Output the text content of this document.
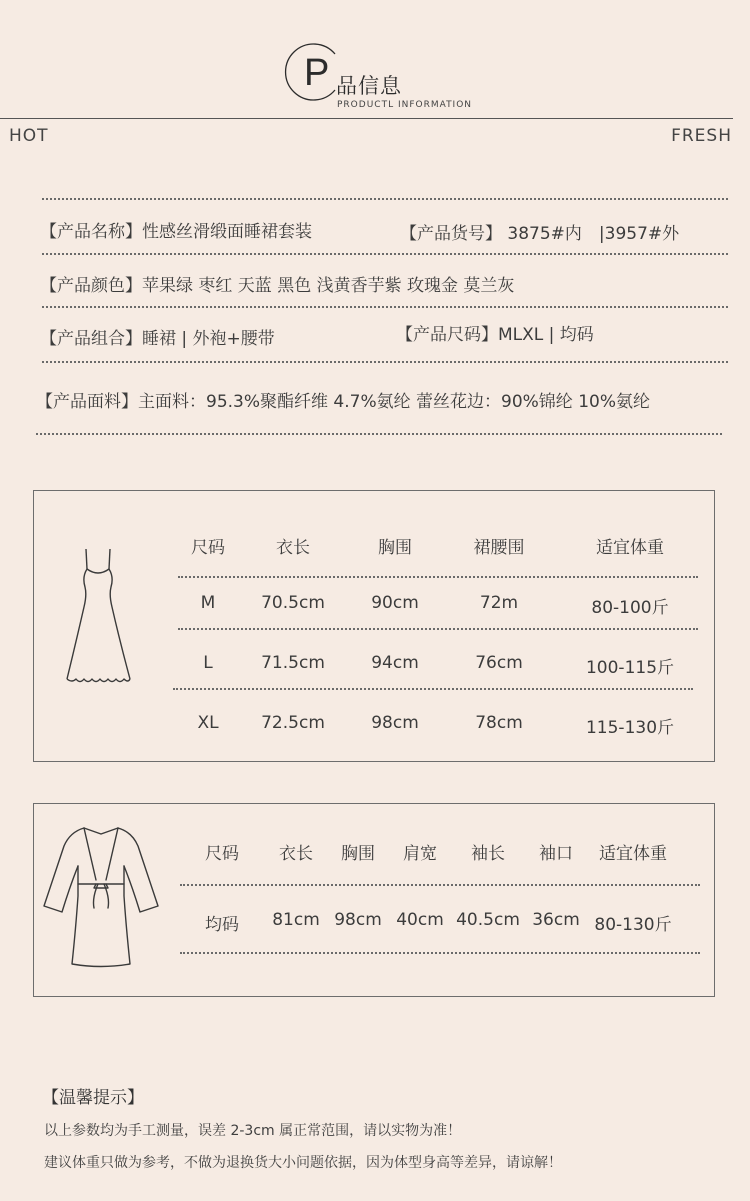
P 品信息
PRODUCTL INFORMATION
HOT	FRESH
【产品名称】性感丝滑缎面睡裙套装	【产品货号】 3875#内　|3957#外
【产品颜色】苹果绿 枣红 天蓝 黑色 浅黄香芋紫 玫瑰金 莫兰灰
【产品组合】睡裙 | 外袍+腰带	【产品尺码】MLXL | 均码
【产品面料】主面料：95.3%聚酯纤维 4.7%氨纶 蕾丝花边：90%锦纶 10%氨纶
尺码	衣长	胸围	裙腰围	适宜体重
M	70.5cm	90cm	72m	80-100斤
L	71.5cm	94cm	76cm	100-115斤
XL	72.5cm	98cm	78cm	115-130斤
尺码 衣长 胸围 肩宽 袖长 袖口 适宜体重
均码 81cm 98cm 40cm 40.5cm 36cm 80-130斤
【温馨提示】
以上参数均为手工测量，误差 2-3cm 属正常范围，请以实物为准！
建议体重只做为参考，不做为退换货大小问题依据，因为体型身高等差异，请谅解！
